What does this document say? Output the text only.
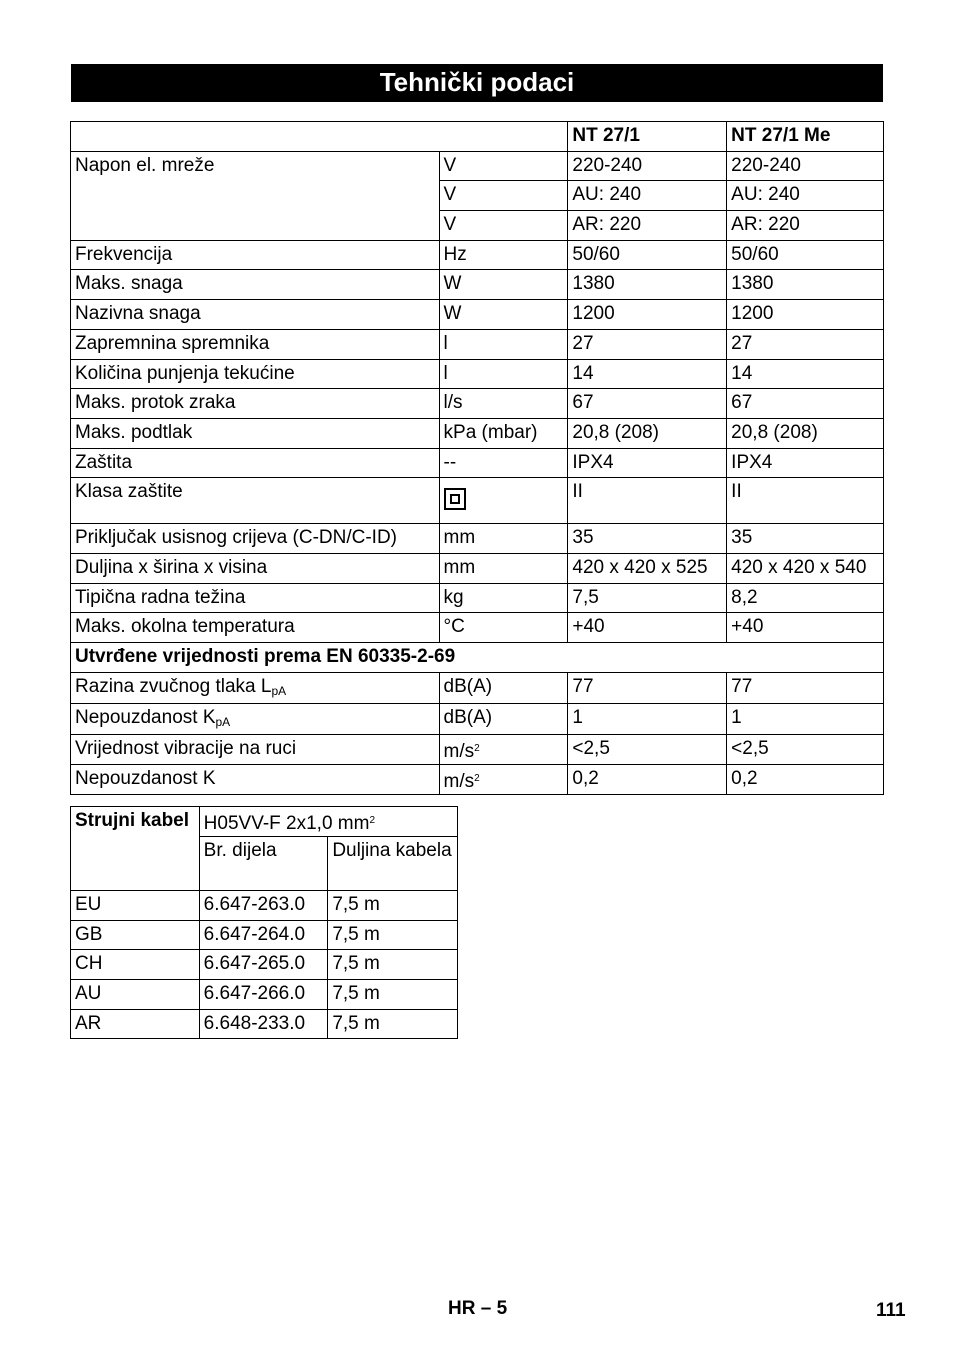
Tehnički podaci
		NT 27/1	NT 27/1 Me
Napon el. mreže	V	220-240	220-240
	V	AU: 240	AU: 240
	V	AR: 220	AR: 220
Frekvencija	Hz	50/60	50/60
Maks. snaga	W	1380	1380
Nazivna snaga	W	1200	1200
Zapremnina spremnika	l	27	27
Količina punjenja tekućine	l	14	14
Maks. protok zraka	l/s	67	67
Maks. podtlak	kPa (mbar)	20,8 (208)	20,8 (208)
Zaštita	--	IPX4	IPX4
Klasa zaštite		II	II
Priključak usisnog crijeva (C-DN/C-ID)	mm	35	35
Duljina x širina x visina	mm	420 x 420 x 525	420 x 420 x 540
Tipična radna težina	kg	7,5	8,2
Maks. okolna temperatura	°C	+40	+40
Utvrđene vrijednosti prema EN 60335-2-69			
Razina zvučnog tlaka $L_{pA}$	dB(A)	77	77
Nepouzdanost $K_{pA}$	dB(A)	1	1
Vrijednost vibracije na ruci	$m/s^2$	<2,5	<2,5
Nepouzdanost K	$m/s^2$	0,2	0,2
Strujni kabel	H05VV-F 2x1,0 $mm^2$
	Br. dijela	Duljina kabela
EU	6.647-263.0	7,5 m
GB	6.647-264.0	7,5 m
CH	6.647-265.0	7,5 m
AU	6.647-266.0	7,5 m
AR	6.648-233.0	7,5 m
HR – 5	111
